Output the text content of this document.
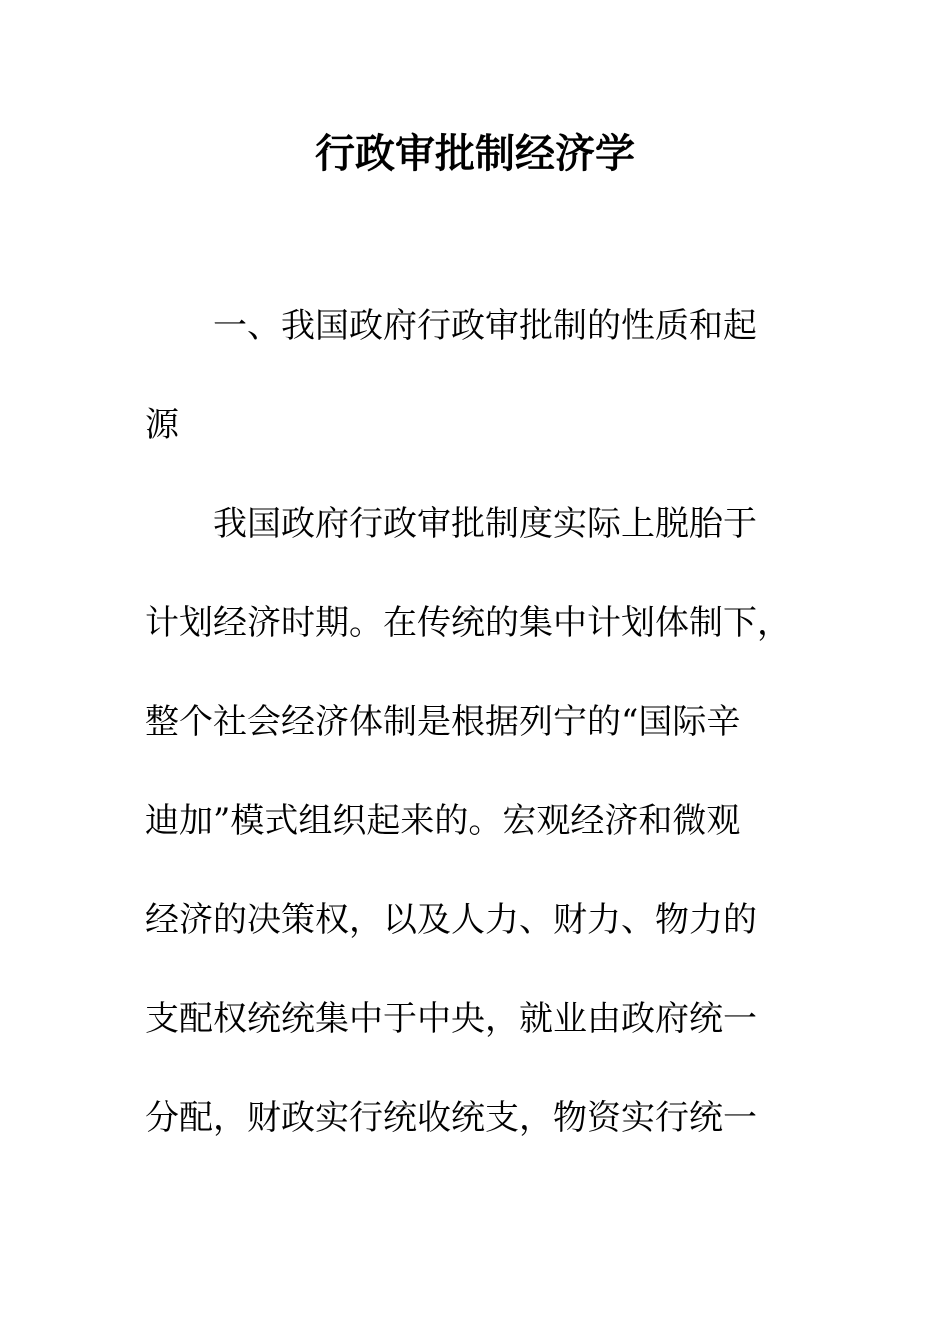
行政审批制经济学
一、我国政府行政审批制的性质和起
源
我国政府行政审批制度实际上脱胎于
计划经济时期。在传统的集中计划体制下，
整个社会经济体制是根据列宁的“国际辛
迪加”模式组织起来的。宏观经济和微观
经济的决策权，以及人力、财力、物力的
支配权统统集中于中央，就业由政府统一
分配，财政实行统收统支，物资实行统一
